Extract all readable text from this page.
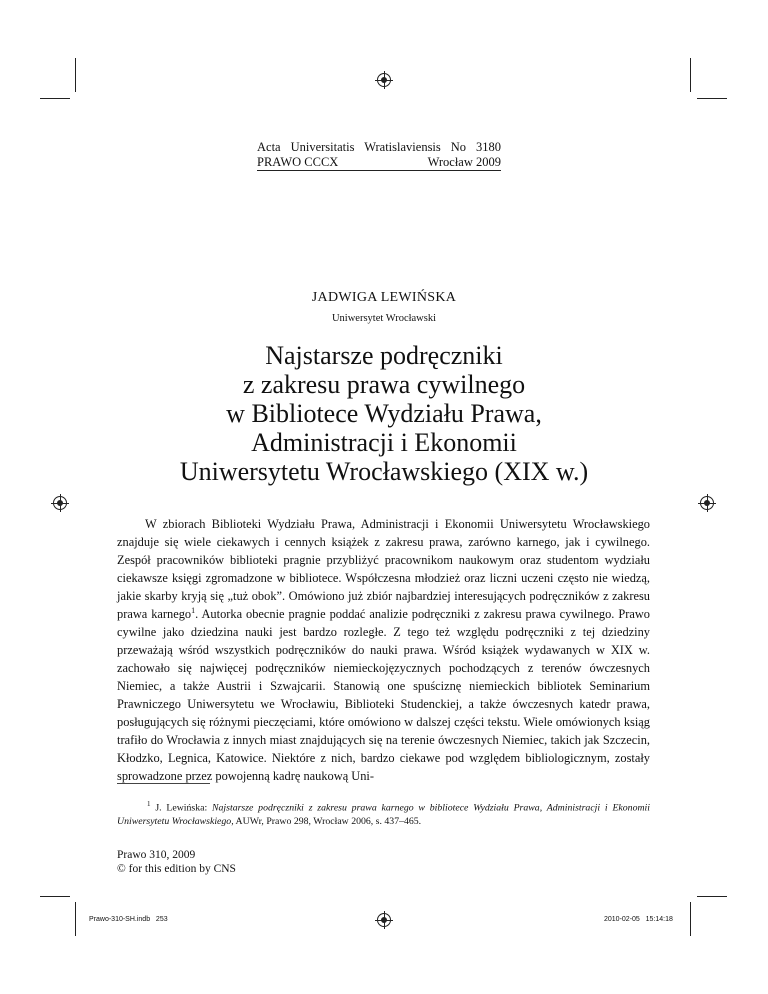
Acta Universitatis Wratislaviensis No 3180
PRAWO CCCX	Wrocław 2009
JADWIGA LEWIŃSKA
Uniwersytet Wrocławski
Najstarsze podręczniki
z zakresu prawa cywilnego
w Bibliotece Wydziału Prawa,
Administracji i Ekonomii
Uniwersytetu Wrocławskiego (XIX w.)
W zbiorach Biblioteki Wydziału Prawa, Administracji i Ekonomii Uniwersytetu Wrocławskiego znajduje się wiele ciekawych i cennych książek z zakresu prawa, zarówno karnego, jak i cywilnego. Zespół pracowników biblioteki pragnie przybliżyć pracownikom naukowym oraz studentom wydziału ciekawsze księgi zgromadzone w bibliotece. Współczesna młodzież oraz liczni uczeni często nie wiedzą, jakie skarby kryją się „tuż obok”. Omówiono już zbiór najbardziej interesujących podręczników z zakresu prawa karnego$^1$. Autorka obecnie pragnie poddać analizie podręczniki z zakresu prawa cywilnego. Prawo cywilne jako dziedzina nauki jest bardzo rozległe. Z tego też względu podręczniki z tej dziedziny przeważają wśród wszystkich podręczników do nauki prawa. Wśród książek wydawanych w XIX w. zachowało się najwięcej podręczników niemieckojęzycznych pochodzących z terenów ówczesnych Niemiec, a także Austrii i Szwajcarii. Stanowią one spuściznę niemieckich bibliotek Seminarium Prawniczego Uniwersytetu we Wrocławiu, Biblioteki Studenckiej, a także ówczesnych katedr prawa, posługujących się różnymi pieczęciami, które omówiono w dalszej części tekstu. Wiele omówionych ksiąg trafiło do Wrocławia z innych miast znajdujących się na terenie ówczesnych Niemiec, takich jak Szczecin, Kłodzko, Legnica, Katowice. Niektóre z nich, bardzo ciekawe pod względem bibliologicznym, zostały sprowadzone przez powojenną kadrę naukową Uni-
$^1$ J. Lewińska: Najstarsze podręczniki z zakresu prawa karnego w bibliotece Wydziału Prawa, Administracji i Ekonomii Uniwersytetu Wrocławskiego, AUWr, Prawo 298, Wrocław 2006, s. 437–465.
Prawo 310, 2009
© for this edition by CNS
Prawo-310-SH.indb   253	2010-02-05   15:14:18
